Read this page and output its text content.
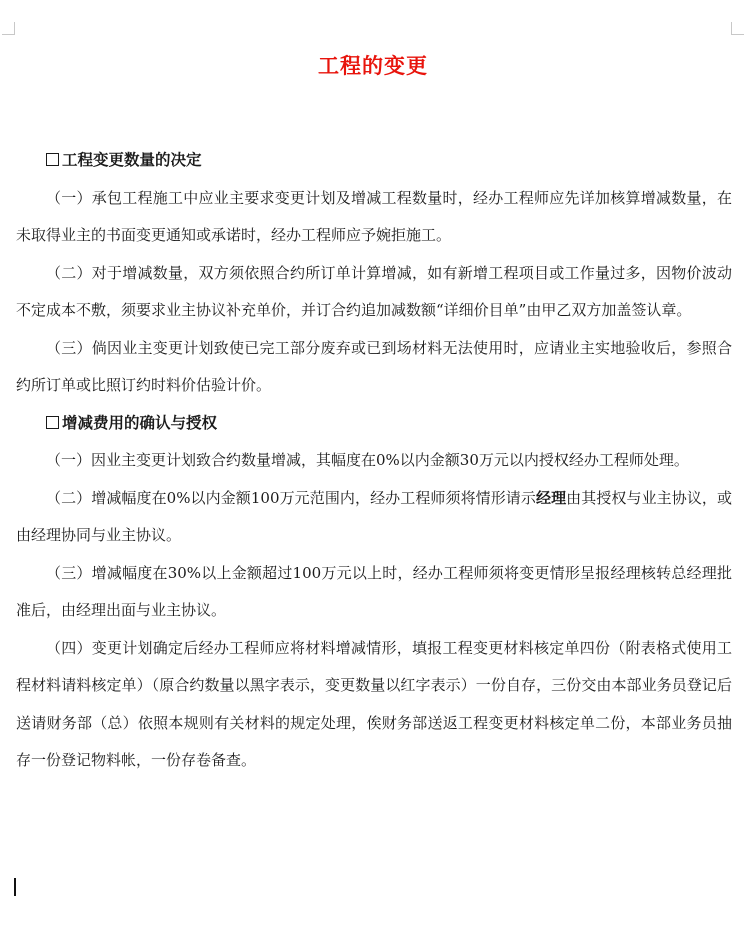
工程的变更
工程变更数量的决定

（一）承包工程施工中应业主要求变更计划及增减工程数量时，经办工程师应先详加核算增减数量，在未取得业主的书面变更通知或承诺时，经办工程师应予婉拒施工。

（二）对于增减数量，双方须依照合约所订单计算增减，如有新增工程项目或工作量过多，因物价波动不定成本不敷，须要求业主协议补充单价，并订合约追加减数额“详细价目单”由甲乙双方加盖签认章。

（三）倘因业主变更计划致使已完工部分废弃或已到场材料无法使用时，应请业主实地验收后，参照合约所订单或比照订约时料价估验计价。

增减费用的确认与授权

（一）因业主变更计划致合约数量增减，其幅度在0%以内金额30万元以内授权经办工程师处理。

（二）增减幅度在0%以内金额100万元范围内，经办工程师须将情形请示经理由其授权与业主协议，或由经理协同与业主协议。

（三）增减幅度在30%以上金额超过100万元以上时，经办工程师须将变更情形呈报经理核转总经理批准后，由经理出面与业主协议。

（四）变更计划确定后经办工程师应将材料增减情形，填报工程变更材料核定单四份（附表格式使用工程材料请料核定单）（原合约数量以黑字表示，变更数量以红字表示）一份自存，三份交由本部业务员登记后送请财务部（总）依照本规则有关材料的规定处理，俟财务部送返工程变更材料核定单二份，本部业务员抽存一份登记物料帐，一份存卷备查。
